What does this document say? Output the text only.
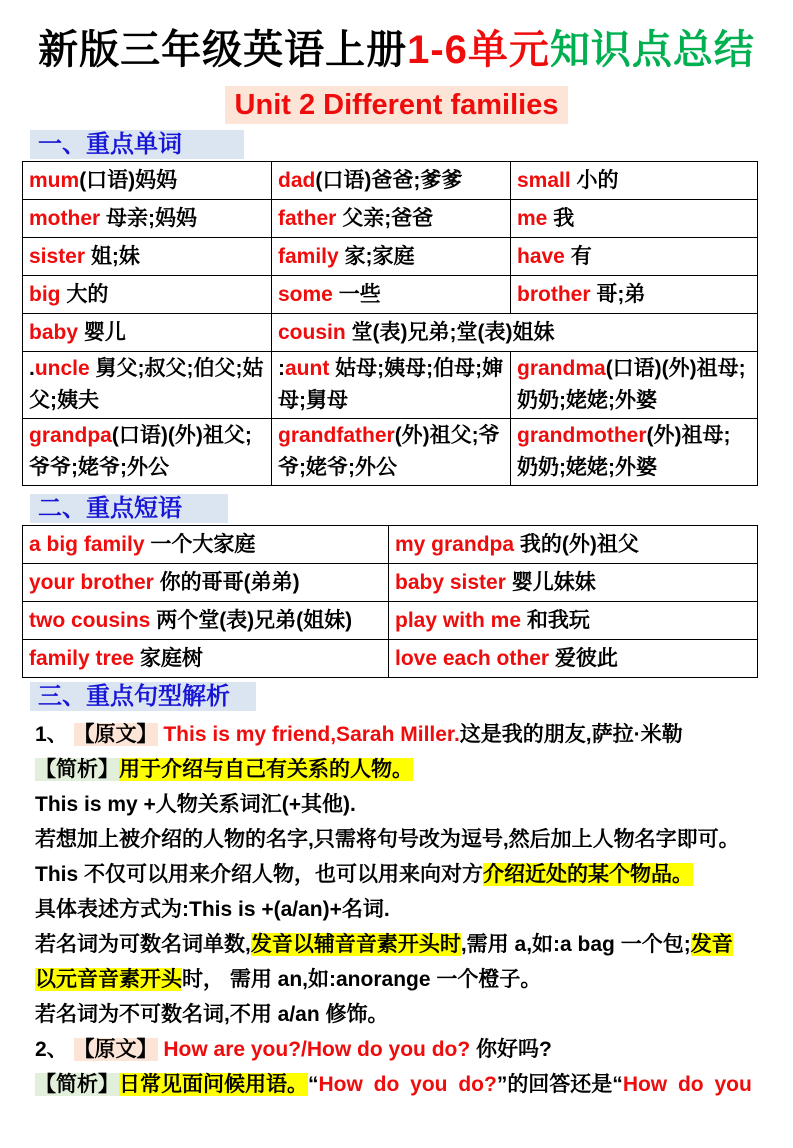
新版三年级英语上册1-6单元知识点总结
Unit 2 Different families
一、重点单词
mum(口语)妈妈	dad(口语)爸爸;爹爹	small 小的
mother 母亲;妈妈	father 父亲;爸爸	me 我
sister 姐;妹	family 家;家庭	have 有
big 大的	some 一些	brother 哥;弟
baby 婴儿	cousin 堂(表)兄弟;堂(表)姐妹	
.uncle 舅父;叔父;伯父;姑父;姨夫	:aunt 姑母;姨母;伯母;婶母;舅母	grandma(口语)(外)祖母;奶奶;姥姥;外婆
grandpa(口语)(外)祖父;爷爷;姥爷;外公	grandfather(外)祖父;爷爷;姥爷;外公	grandmother(外)祖母;奶奶;姥姥;外婆
二、重点短语
a big family 一个大家庭	my grandpa 我的(外)祖父
your brother 你的哥哥(弟弟)	baby sister 婴儿妹妹
two cousins 两个堂(表)兄弟(姐妹)	play with me 和我玩
family tree 家庭树	love each other 爱彼此
三、重点句型解析
1、 【原文】 This is my friend,Sarah Miller.这是我的朋友,萨拉·米勒
【简析】用于介绍与自己有关系的人物。
This is my +人物关系词汇(+其他).
若想加上被介绍的人物的名字,只需将句号改为逗号,然后加上人物名字即可。
This 不仅可以用来介绍人物，也可以用来向对方介绍近处的某个物品。
具体表述方式为:This is +(a/an)+名词.
若名词为可数名词单数,发音以辅音音素开头时,需用 a,如:a bag 一个包;发音
以元音音素开头时， 需用 an,如:anorange 一个橙子。
若名词为不可数名词,不用 a/an 修饰。
2、 【原文】 How are you?/How do you do? 你好吗?
【简析】日常见面问候用语。“How do you do?”的回答还是“How do you
